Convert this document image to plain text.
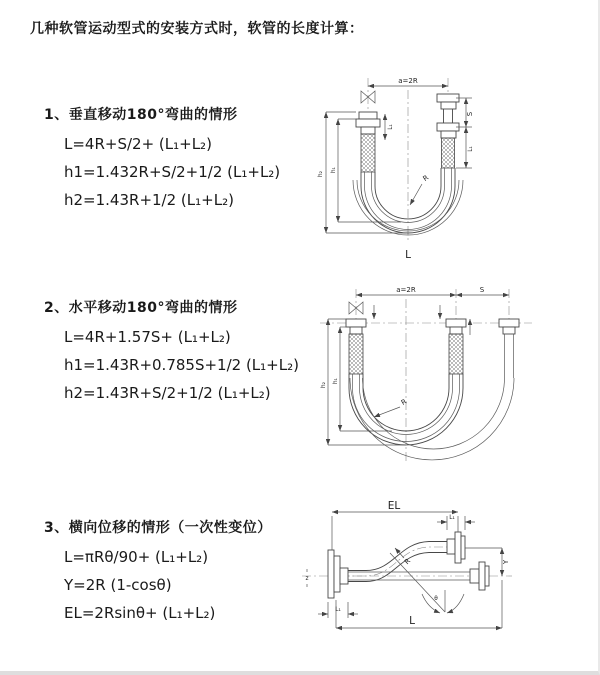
几种软管运动型式的安装方式时，软管的长度计算：
1、垂直移动180°弯曲的情形
L=4R+S/2+ (L₁+L₂)
h1=1.432R+S/2+1/2 (L₁+L₂)
h2=1.43R+1/2 (L₁+L₂)
2、水平移动180°弯曲的情形
L=4R+1.57S+ (L₁+L₂)
h1=1.43R+0.785S+1/2 (L₁+L₂)
h2=1.43R+S/2+1/2 (L₁+L₂)
3、横向位移的情形（一次性变位）
L=πRθ/90+ (L₁+L₂)
Y=2R (1-cosθ)
EL=2Rsinθ+ (L₁+L₂)
a=2R
S
L₁
L₁
h₁
h₂	R
L
a=2R	S
h₁
h₂
R
EL
L₁
Y
R
θ
L
L₁
z
